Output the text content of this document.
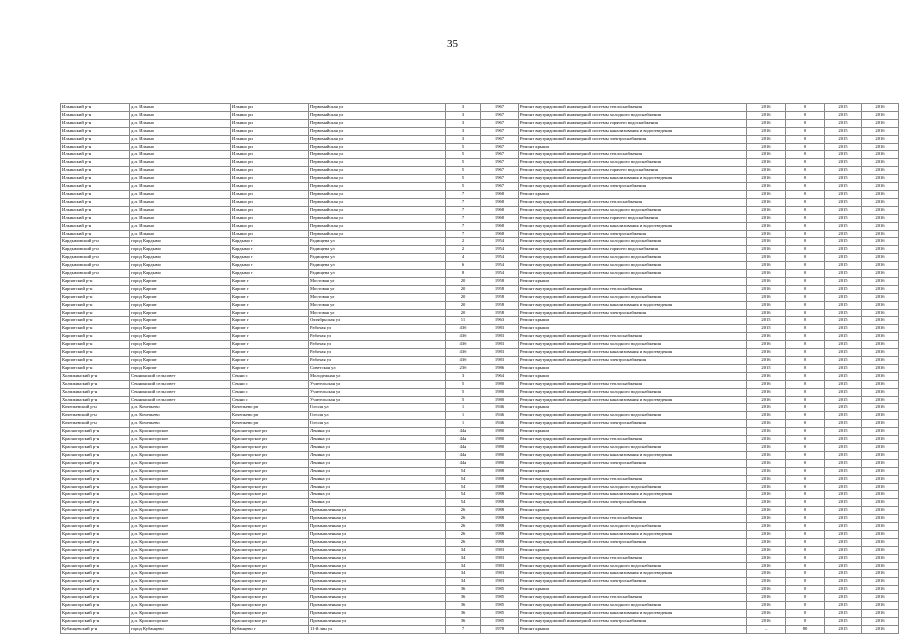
35
Ильинский р-н	д.п. Ильино	Ильино рп	Первомайская ул	3	1967	Ремонт внутридомовой инженерной системы теплоснабжения	2016	0	2015	2016
Ильинский р-н	д.п. Ильино	Ильино рп	Первомайская ул	3	1967	Ремонт внутридомовой инженерной системы холодного водоснабжения	2016	0	2015	2016
Ильинский р-н	д.п. Ильино	Ильино рп	Первомайская ул	3	1967	Ремонт внутридомовой инженерной системы горячего водоснабжения	2016	0	2015	2016
Ильинский р-н	д.п. Ильино	Ильино рп	Первомайская ул	3	1967	Ремонт внутридомовой инженерной системы канализования и водоотведения	2016	0	2015	2016
Ильинский р-н	д.п. Ильино	Ильино рп	Первомайская ул	3	1967	Ремонт внутридомовой инженерной системы электроснабжения	2016	0	2015	2016
Ильинский р-н	д.п. Ильино	Ильино рп	Первомайская ул	5	1967	Ремонт крыши	2016	0	2015	2016
Ильинский р-н	д.п. Ильино	Ильино рп	Первомайская ул	5	1967	Ремонт внутридомовой инженерной системы теплоснабжения	2016	0	2015	2016
Ильинский р-н	д.п. Ильино	Ильино рп	Первомайская ул	5	1967	Ремонт внутридомовой инженерной системы холодного водоснабжения	2016	0	2015	2016
Ильинский р-н	д.п. Ильино	Ильино рп	Первомайская ул	5	1967	Ремонт внутридомовой инженерной системы горячего водоснабжения	2016	0	2015	2016
Ильинский р-н	д.п. Ильино	Ильино рп	Первомайская ул	5	1967	Ремонт внутридомовой инженерной системы канализования и водоотведения	2016	0	2015	2016
Ильинский р-н	д.п. Ильино	Ильино рп	Первомайская ул	5	1967	Ремонт внутридомовой инженерной системы электроснабжения	2016	0	2015	2016
Ильинский р-н	д.п. Ильино	Ильино рп	Первомайская ул	7	1968	Ремонт крыши	2016	0	2015	2016
Ильинский р-н	д.п. Ильино	Ильино рп	Первомайская ул	7	1968	Ремонт внутридомовой инженерной системы теплоснабжения	2016	0	2015	2016
Ильинский р-н	д.п. Ильино	Ильино рп	Первомайская ул	7	1968	Ремонт внутридомовой инженерной системы холодного водоснабжения	2016	0	2015	2016
Ильинский р-н	д.п. Ильино	Ильино рп	Первомайская ул	7	1968	Ремонт внутридомовой инженерной системы горячего водоснабжения	2016	0	2015	2016
Ильинский р-н	д.п. Ильино	Ильино рп	Первомайская ул	7	1968	Ремонт внутридомовой инженерной системы канализования и водоотведения	2016	0	2015	2016
Ильинский р-н	д.п. Ильино	Ильино рп	Первомайская ул	7	1968	Ремонт внутридомовой инженерной системы электроснабжения	2016	0	2015	2016
Кардымовский р-н	город Кардымо	Кардымо г	Радищева ул	2	1954	Ремонт внутридомовой инженерной системы холодного водоснабжения	2016	0	2015	2016
Кардымовский р-н	город Кардымо	Кардымо г	Радищева ул	2	1954	Ремонт внутридомовой инженерной системы горячего водоснабжения	2016	0	2015	2016
Кардымовский р-н	город Кардымо	Кардымо г	Радищева ул	4	1954	Ремонт внутридомовой инженерной системы холодного водоснабжения	2016	0	2015	2016
Кардымовский р-н	город Кардымо	Кардымо г	Радищева ул	6	1954	Ремонт внутридомовой инженерной системы холодного водоснабжения	2016	0	2015	2016
Кардымовский р-н	город Кардымо	Кардымо г	Радищева ул	8	1954	Ремонт внутридомовой инженерной системы холодного водоснабжения	2016	0	2015	2016
Карпатский р-н	город Карпат	Карпат г	Мостовая ул	20	1958	Ремонт крыши	2016	0	2015	2016
Карпатский р-н	город Карпат	Карпат г	Мостовая ул	20	1958	Ремонт внутридомовой инженерной системы теплоснабжения	2016	0	2015	2016
Карпатский р-н	город Карпат	Карпат г	Мостовая ул	20	1958	Ремонт внутридомовой инженерной системы холодного водоснабжения	2016	0	2015	2016
Карпатский р-н	город Карпат	Карпат г	Мостовая ул	20	1958	Ремонт внутридомовой инженерной системы канализования и водоотведения	2016	0	2015	2016
Карпатский р-н	город Карпат	Карпат г	Мостовая ул	20	1958	Ремонт внутридомовой инженерной системы электроснабжения	2016	0	2015	2016
Карпатский р-н	город Карпат	Карпат г	Октябрьская ул	11	1963	Ремонт крыши	2015	0	2015	2016
Карпатский р-н	город Карпат	Карпат г	Рабочая ул	43б	1983	Ремонт крыши	2015	0	2015	2016
Карпатский р-н	город Карпат	Карпат г	Рабочая ул	43б	1983	Ремонт внутридомовой инженерной системы теплоснабжения	2016	0	2015	2016
Карпатский р-н	город Карпат	Карпат г	Рабочая ул	43б	1983	Ремонт внутридомовой инженерной системы холодного водоснабжения	2016	0	2015	2016
Карпатский р-н	город Карпат	Карпат г	Рабочая ул	43б	1983	Ремонт внутридомовой инженерной системы канализования и водоотведения	2016	0	2015	2016
Карпатский р-н	город Карпат	Карпат г	Рабочая ул	43б	1983	Ремонт внутридомовой инженерной системы электроснабжения	2016	0	2015	2016
Карпатский р-н	город Карпат	Карпат г	Советская ул	23б	1986	Ремонт крыши	2015	0	2015	2016
Холмжинский р-н	Сеннинский сельсовет	Сенни с	Молодежная ул	3	1964	Ремонт крыши	2016	0	2015	2016
Холмжинский р-н	Сеннинский сельсовет	Сенни с	Учительская ул	5	1980	Ремонт внутридомовой инженерной системы теплоснабжения	2016	0	2015	2016
Холмжинский р-н	Сеннинский сельсовет	Сенни с	Учительская ул	5	1980	Ремонт внутридомовой инженерной системы холодного водоснабжения	2016	0	2015	2016
Холмжинский р-н	Сеннинский сельсовет	Сенни с	Учительская ул	5	1980	Ремонт внутридомовой инженерной системы канализования и водоотведения	2016	0	2015	2016
Кочепьевский р-н	д.п. Кочепьево	Кочепьево рп	Гоголя ул	1	1946	Ремонт крыши	2016	0	2015	2016
Кочепьевский р-н	д.п. Кочепьево	Кочепьево рп	Гоголя ул	1	1946	Ремонт внутридомовой инженерной системы холодного водоснабжения	2016	0	2015	2016
Кочепьевский р-н	д.п. Кочепьево	Кочепьево рп	Гоголя ул	1	1946	Ремонт внутридомовой инженерной системы электроснабжения	2016	0	2015	2016
Красногорский р-н	д.п. Красногорское	Красногорское рп	Ленина ул	44а	1980	Ремонт крыши	2016	0	2015	2016
Красногорский р-н	д.п. Красногорское	Красногорское рп	Ленина ул	44а	1980	Ремонт внутридомовой инженерной системы теплоснабжения	2016	0	2015	2016
Красногорский р-н	д.п. Красногорское	Красногорское рп	Ленина ул	44а	1980	Ремонт внутридомовой инженерной системы холодного водоснабжения	2016	0	2015	2016
Красногорский р-н	д.п. Красногорское	Красногорское рп	Ленина ул	44а	1980	Ремонт внутридомовой инженерной системы канализования и водоотведения	2016	0	2015	2016
Красногорский р-н	д.п. Красногорское	Красногорское рп	Ленина ул	44а	1980	Ремонт внутридомовой инженерной системы электроснабжения	2016	0	2015	2016
Красногорский р-н	д.п. Красногорское	Красногорское рп	Ленина ул	54	1988	Ремонт крыши	2016	0	2015	2016
Красногорский р-н	д.п. Красногорское	Красногорское рп	Ленина ул	54	1988	Ремонт внутридомовой инженерной системы теплоснабжения	2016	0	2015	2016
Красногорский р-н	д.п. Красногорское	Красногорское рп	Ленина ул	54	1988	Ремонт внутридомовой инженерной системы холодного водоснабжения	2016	0	2015	2016
Красногорский р-н	д.п. Красногорское	Красногорское рп	Ленина ул	54	1988	Ремонт внутридомовой инженерной системы канализования и водоотведения	2016	0	2015	2016
Красногорский р-н	д.п. Красногорское	Красногорское рп	Ленина ул	54	1988	Ремонт внутридомовой инженерной системы электроснабжения	2016	0	2015	2016
Красногорский р-н	д.п. Красногорское	Красногорское рп	Промышленная ул	26	1988	Ремонт крыши	2016	0	2015	2016
Красногорский р-н	д.п. Красногорское	Красногорское рп	Промышленная ул	26	1988	Ремонт внутридомовой инженерной системы теплоснабжения	2016	0	2015	2016
Красногорский р-н	д.п. Красногорское	Красногорское рп	Промышленная ул	26	1988	Ремонт внутридомовой инженерной системы холодного водоснабжения	2016	0	2015	2016
Красногорский р-н	д.п. Красногорское	Красногорское рп	Промышленная ул	26	1988	Ремонт внутридомовой инженерной системы канализования и водоотведения	2016	0	2015	2016
Красногорский р-н	д.п. Красногорское	Красногорское рп	Промышленная ул	26	1988	Ремонт внутридомовой инженерной системы электроснабжения	2016	0	2015	2016
Красногорский р-н	д.п. Красногорское	Красногорское рп	Промышленная ул	34	1983	Ремонт крыши	2016	0	2015	2016
Красногорский р-н	д.п. Красногорское	Красногорское рп	Промышленная ул	34	1983	Ремонт внутридомовой инженерной системы теплоснабжения	2016	0	2015	2016
Красногорский р-н	д.п. Красногорское	Красногорское рп	Промышленная ул	34	1983	Ремонт внутридомовой инженерной системы холодного водоснабжения	2016	0	2015	2016
Красногорский р-н	д.п. Красногорское	Красногорское рп	Промышленная ул	34	1983	Ремонт внутридомовой инженерной системы канализования и водоотведения	2016	0	2015	2016
Красногорский р-н	д.п. Красногорское	Красногорское рп	Промышленная ул	34	1983	Ремонт внутридомовой инженерной системы электроснабжения	2016	0	2015	2016
Красногорский р-н	д.п. Красногорское	Красногорское рп	Промышленная ул	36	1985	Ремонт крыши	2016	0	2015	2016
Красногорский р-н	д.п. Красногорское	Красногорское рп	Промышленная ул	36	1985	Ремонт внутридомовой инженерной системы теплоснабжения	2016	0	2015	2016
Красногорский р-н	д.п. Красногорское	Красногорское рп	Промышленная ул	36	1985	Ремонт внутридомовой инженерной системы холодного водоснабжения	2016	0	2015	2016
Красногорский р-н	д.п. Красногорское	Красногорское рп	Промышленная ул	36	1985	Ремонт внутридомовой инженерной системы канализования и водоотведения	2016	0	2015	2016
Красногорский р-н	д.п. Красногорское	Красногорское рп	Промышленная ул	36	1985	Ремонт внутридомовой инженерной системы электроснабжения	2016	0	2015	2016
Кубанцевский р-н	город Кубанцево	Кубанцево г	11-й лин ул	7	1978	Ремонт крыши	–	80	2015	2016
